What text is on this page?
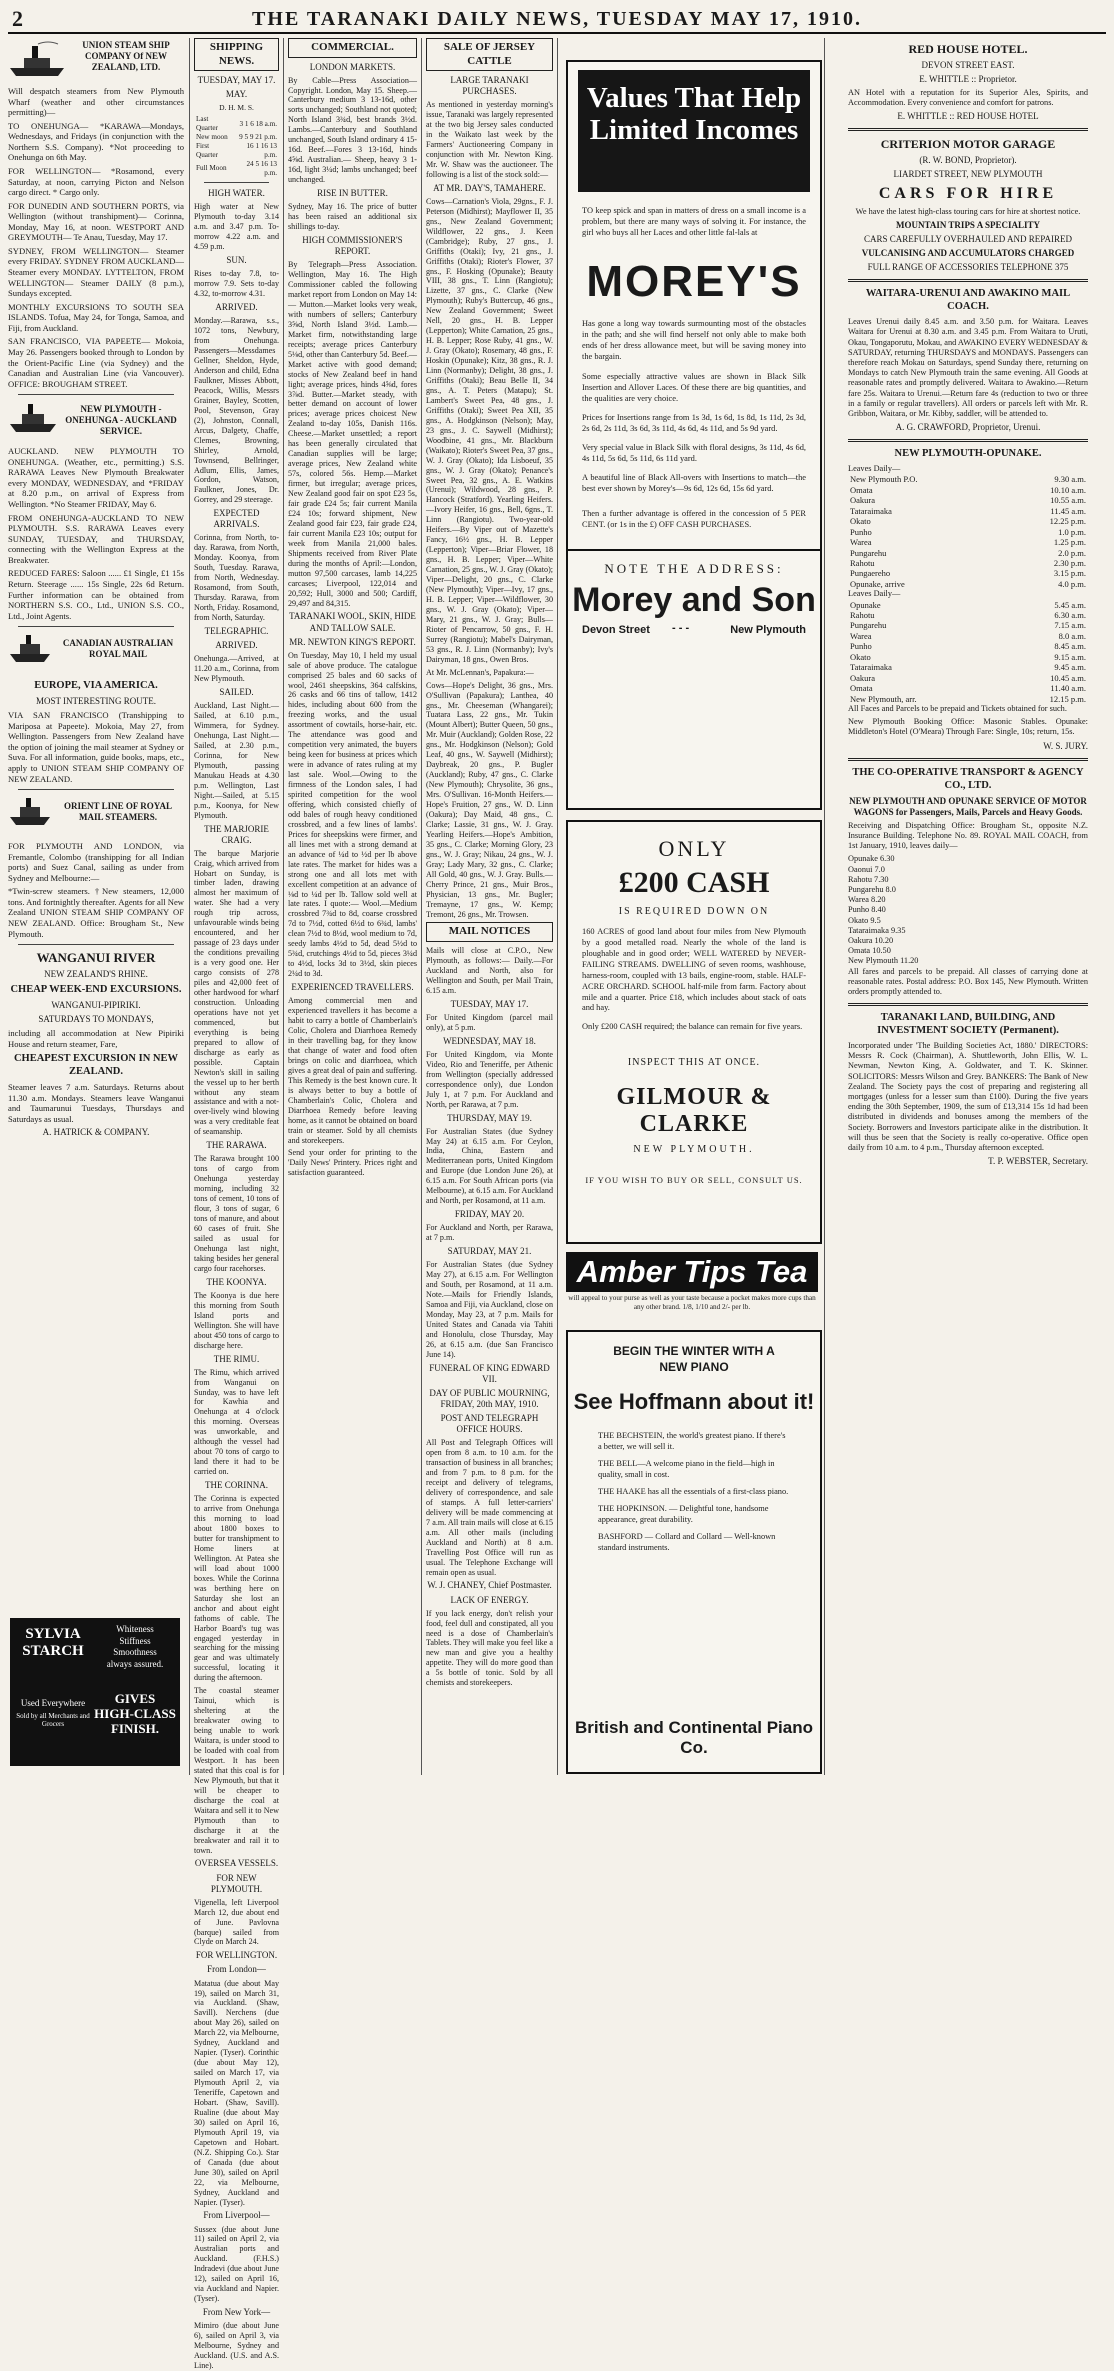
2	THE TARANAKI DAILY NEWS, TUESDAY MAY 17, 1910.
UNION STEAM SHIP COMPANY Of NEW ZEALAND, LTD.

Will despatch steamers from New Plymouth Wharf (weather and other circumstances permitting)—

TO ONEHUNGA— *KARAWA—Mondays, Wednesdays, and Fridays (in conjunction with the Northern S.S. Company). *Not proceeding to Onehunga on 6th May.

FOR WELLINGTON— *Rosamond, every Saturday, at noon, carrying Picton and Nelson cargo direct. * Cargo only.

FOR DUNEDIN AND SOUTHERN PORTS, via Wellington (without transhipment)— Corinna, Monday, May 16, at noon. WESTPORT AND GREYMOUTH— Te Anau, Tuesday, May 17.

SYDNEY, FROM WELLINGTON— Steamer every FRIDAY. SYDNEY FROM AUCKLAND— Steamer every MONDAY. LYTTELTON, FROM WELLINGTON— Steamer DAILY (8 p.m.), Sundays excepted.

MONTHLY EXCURSIONS TO SOUTH SEA ISLANDS. Tofua, May 24, for Tonga, Samoa, and Fiji, from Auckland.

SAN FRANCISCO, VIA PAPEETE— Mokoia, May 26. Passengers booked through to London by the Orient-Pacific Line (via Sydney) and the Canadian and Australian Line (via Vancouver). OFFICE: BROUGHAM STREET.

NEW PLYMOUTH - ONEHUNGA - AUCKLAND SERVICE.

AUCKLAND. NEW PLYMOUTH TO ONEHUNGA. (Weather, etc., permitting.) S.S. RARAWA Leaves New Plymouth Breakwater every MONDAY, WEDNESDAY, and *FRIDAY at 8.20 p.m., on arrival of Express from Wellington. *No Steamer FRIDAY, May 6.

FROM ONEHUNGA-AUCKLAND TO NEW PLYMOUTH. S.S. RARAWA Leaves every SUNDAY, TUESDAY, and THURSDAY, connecting with the Wellington Express at the Breakwater.

REDUCED FARES: Saloon ...... £1 Single, £1 15s Return. Steerage ...... 15s Single, 22s 6d Return. Further information can be obtained from NORTHERN S.S. CO., Ltd., UNION S.S. CO., Ltd., Joint Agents.

CANADIAN AUSTRALIAN ROYAL MAIL
EUROPE, VIA AMERICA.
MOST INTERESTING ROUTE.

VIA SAN FRANCISCO (Transhipping to Mariposa at Papeete). Mokoia, May 27, from Wellington. Passengers from New Zealand have the option of joining the mail steamer at Sydney or Suva. For all information, guide books, maps, etc., apply to UNION STEAM SHIP COMPANY OF NEW ZEALAND.

ORIENT LINE OF ROYAL MAIL STEAMERS.

FOR PLYMOUTH AND LONDON, via Fremantle, Colombo (transhipping for all Indian ports) and Suez Canal, sailing as under from Sydney and Melbourne:—

*Twin-screw steamers. †New steamers, 12,000 tons. And fortnightly thereafter. Agents for all New Zealand UNION STEAM SHIP COMPANY OF NEW ZEALAND. Office: Brougham St., New Plymouth.

WANGANUI RIVER
NEW ZEALAND'S RHINE.
CHEAP WEEK-END EXCURSIONS.
WANGANUI-PIPIRIKI.
SATURDAYS TO MONDAYS,

including all accommodation at New Pipiriki House and return steamer, Fare,

CHEAPEST EXCURSION IN NEW ZEALAND.

Steamer leaves 7 a.m. Saturdays. Returns about 11.30 a.m. Mondays. Steamers leave Wanganui and Taumarunui Tuesdays, Thursdays and Saturdays as usual.

A. HATRICK & COMPANY.
SYLVIA STARCH
Whiteness
Stiffness
Smoothness
always assured.
Used Everywhere
Sold by all Merchants and Grocers
GIVES HIGH-CLASS FINISH.
SHIPPING NEWS.
TUESDAY, MAY 17.
MAY.
D. H. M. S.
Last Quarter	3 1 6 18 a.m.
New moon	9 5 9 21 p.m.
First Quarter	16 1 16 13 p.m.
Full Moon	24 5 16 13 p.m.
HIGH WATER.

High water at New Plymouth to-day 3.14 a.m. and 3.47 p.m. To-morrow 4.22 a.m. and 4.59 p.m.

SUN.

Rises to-day 7.8, to-morrow 7.9. Sets to-day 4.32, to-morrow 4.31.

ARRIVED.

Monday.—Rarawa, s.s., 1072 tons, Newbury, from Onehunga. Passengers—Messdames Gellner, Sheldon, Hyde, Anderson and child, Edna Faulkner, Misses Abbott, Peacock, Willis, Messrs Grainer, Bayley, Scotten, Pool, Stevenson, Gray (2), Johnston, Connall, Arcus, Dalgety, Chaffe, Clemes, Browning, Shirley, Arnold, Townsend, Bellringer, Adlum, Ellis, James, Gordon, Watson, Faulkner, Jones, Dr. Gorrey, and 29 steerage.

EXPECTED ARRIVALS.

Corinna, from North, to-day. Rarawa, from North, Monday. Koonya, from South, Tuesday. Rarawa, from North, Wednesday. Rosamond, from South, Thursday. Rarawa, from North, Friday. Rosamond, from North, Saturday.

TELEGRAPHIC.
ARRIVED.

Onehunga.—Arrived, at 11.20 a.m., Corinna, from New Plymouth.

SAILED.

Auckland, Last Night.—Sailed, at 6.10 p.m., Wimmera, for Sydney. Onehunga, Last Night.—Sailed, at 2.30 p.m., Corinna, for New Plymouth, passing Manukau Heads at 4.30 p.m. Wellington, Last Night.—Sailed, at 5.15 p.m., Koonya, for New Plymouth.

THE MARJORIE CRAIG.

The barque Marjorie Craig, which arrived from Hobart on Sunday, is timber laden, drawing almost her maximum of water. She had a very rough trip across, unfavourable winds being encountered, and her passage of 23 days under the conditions prevailing is a very good one. Her cargo consists of 278 piles and 42,000 feet of other hardwood for wharf construction. Unloading operations have not yet commenced, but everything is being prepared to allow of discharge as early as possible. Captain Newton's skill in sailing the vessel up to her berth without any steam assistance and with a not-over-lively wind blowing was a very creditable feat of seamanship.

THE RARAWA.

The Rarawa brought 100 tons of cargo from Onehunga yesterday morning, including 32 tons of cement, 10 tons of flour, 3 tons of sugar, 6 tons of manure, and about 60 cases of fruit. She sailed as usual for Onehunga last night, taking besides her general cargo four racehorses.

THE KOONYA.

The Koonya is due here this morning from South Island ports and Wellington. She will have about 450 tons of cargo to discharge here.

THE RIMU.

The Rimu, which arrived from Wanganui on Sunday, was to have left for Kawhia and Onehunga at 4 o'clock this morning. Overseas was unworkable, and although the vessel had about 70 tons of cargo to land there it had to be carried on.

THE CORINNA.

The Corinna is expected to arrive from Onehunga this morning to load about 1800 boxes to butter for transhipment to Home liners at Wellington. At Patea she will load about 1000 boxes. While the Corinna was berthing here on Saturday she lost an anchor and about eight fathoms of cable. The Harbor Board's tug was engaged yesterday in searching for the missing gear and was ultimately successful, locating it during the afternoon.

The coastal steamer Tainui, which is sheltering at the breakwater owing to being unable to work Waitara, is under stood to be loaded with coal from Westport. It has been stated that this coal is for New Plymouth, but that it will be cheaper to discharge the coal at Waitara and sell it to New Plymouth than to discharge it at the breakwater and rail it to town.

OVERSEA VESSELS.
FOR NEW PLYMOUTH.

Vigenella, left Liverpool March 12, due about end of June. Pavlovna (barque) sailed from Clyde on March 24.

FOR WELLINGTON.
From London—

Matatua (due about May 19), sailed on March 31, via Auckland. (Shaw, Savill). Nerchens (due about May 26), sailed on March 22, via Melbourne, Sydney, Auckland and Napier. (Tyser). Corinthic (due about May 12), sailed on March 17, via Plymouth April 2, via Teneriffe, Capetown and Hobart. (Shaw, Savill). Rualine (due about May 30) sailed on April 16, Plymouth April 19, via Capetown and Hobart. (N.Z. Shipping Co.). Star of Canada (due about June 30), sailed on April 22, via Melbourne, Sydney, Auckland and Napier. (Tyser).

From Liverpool—

Sussex (due about June 11) sailed on April 2, via Australian ports and Auckland. (F.H.S.) Indradevi (due about June 12), sailed on April 16, via Auckland and Napier. (Tyser).

From New York—

Mimiro (due about June 6), sailed on April 3, via Melbourne, Sydney and Auckland. (U.S. and A.S. Line).

COMMERCIAL.
LONDON MARKETS.

By Cable—Press Association—Copyright. London, May 15. Sheep.—Canterbury medium 3 13-16d, other sorts unchanged; Southland not quoted; North Island 3¾d, best brands 3½d. Lambs.—Canterbury and Southland unchanged, South Island ordinary 4 15-16d. Beef.—Fores 3 13-16d, hinds 4⅝d. Australian.— Sheep, heavy 3 1-16d, light 3¼d; lambs unchanged; beef unchanged.

RISE IN BUTTER.

Sydney, May 16. The price of butter has been raised an additional six shillings to-day.

HIGH COMMISSIONER'S REPORT.

By Telegraph—Press Association. Wellington, May 16. The High Commissioner cabled the following market report from London on May 14:— Mutton.—Market looks very weak, with numbers of sellers; Canterbury 3⅝d, North Island 3½d. Lamb.—Market firm, notwithstanding large receipts; average prices Canterbury 5⅛d, other than Canterbury 5d. Beef.—Market active with good demand; stocks of New Zealand beef in hand light; average prices, hinds 4⅝d, fores 3⅞d. Butter.—Market steady, with better demand on account of lower prices; average prices choicest New Zealand to-day 105s, Danish 116s. Cheese.—Market unsettled; a report has been generally circulated that Canadian supplies will be large; average prices, New Zealand white 57s, colored 56s. Hemp.—Market firmer, but irregular; average prices, New Zealand good fair on spot £23 5s, fair grade £24 5s; fair current Manila £24 10s; forward shipment, New Zealand good fair £23, fair grade £24, fair current Manila £23 10s; output for week from Manila 21,000 bales. Shipments received from River Plate during the months of April:—London, mutton 97,500 carcases, lamb 14,225 carcases; Liverpool, 122,014 and 20,592; Hull, 3000 and 500; Cardiff, 29,497 and 84,315.

TARANAKI WOOL, SKIN, HIDE AND TALLOW SALE.
MR. NEWTON KING'S REPORT.

On Tuesday, May 10, I held my usual sale of above produce. The catalogue comprised 25 bales and 60 sacks of wool, 2461 sheepskins, 364 calfskins, 26 casks and 66 tins of tallow, 1412 hides, including about 600 from the freezing works, and the usual assortment of cowtails, horse-hair, etc. The attendance was good and competition very animated, the buyers being keen for business at prices which were in advance of rates ruling at my last sale. Wool.—Owing to the firmness of the London sales, I had spirited competition for the wool offering, which consisted chiefly of odd bales of rough heavy conditioned crossbred, and a few lines of lambs'. Prices for sheepskins were firmer, and all lines met with a strong demand at an advance of ¼d to ½d per lb above late rates. The market for hides was a strong one and all lots met with excellent competition at an advance of ⅛d to ¼d per lb. Tallow sold well at late rates. I quote:— Wool.—Medium crossbred 7¾d to 8d, coarse crossbred 7d to 7½d, cotted 6½d to 6¾d, lambs' clean 7½d to 8½d, wool medium to 7d, seedy lambs 4½d to 5d, dead 5½d to 5¾d, crutchings 4½d to 5d, pieces 3¼d to 4½d, locks 3d to 3½d, skin pieces 2¼d to 3d.

EXPERIENCED TRAVELLERS.

Among commercial men and experienced travellers it has become a habit to carry a bottle of Chamberlain's Colic, Cholera and Diarrhoea Remedy in their travelling bag, for they know that change of water and food often brings on colic and diarrhoea, which gives a great deal of pain and suffering. This Remedy is the best known cure. It is always better to buy a bottle of Chamberlain's Colic, Cholera and Diarrhoea Remedy before leaving home, as it cannot be obtained on board train or steamer. Sold by all chemists and storekeepers.

Send your order for printing to the 'Daily News' Printery. Prices right and satisfaction guaranteed.

SALE OF JERSEY CATTLE
LARGE TARANAKI PURCHASES.

As mentioned in yesterday morning's issue, Taranaki was largely represented at the two big Jersey sales conducted in the Waikato last week by the Farmers' Auctioneering Company in conjunction with Mr. Newton King. Mr. W. Shaw was the auctioneer. The following is a list of the stock sold:—

AT MR. DAY'S, TAMAHERE.

Cows—Carnation's Viola, 29gns., F. J. Peterson (Midhirst); Mayflower II, 35 gns., New Zealand Government; Wildflower, 22 gns., J. Keen (Cambridge); Ruby, 27 gns., J. Griffiths (Otaki); Ivy, 21 gns., J. Griffiths (Otaki); Rioter's Flower, 37 gns., F. Hosking (Opunake); Beauty VIII, 38 gns., T. Linn (Rangiotu); Lizette, 37 gns., C. Clarke (New Plymouth); Ruby's Buttercup, 46 gns., New Zealand Government; Sweet Nell, 20 gns., H. B. Lepper (Lepperton); White Carnation, 25 gns., H. B. Lepper; Rose Ruby, 41 gns., W. J. Gray (Okato); Rosemary, 48 gns., F. Hoskin (Opunake); Kitz, 38 gns., R. J. Linn (Normanby); Delight, 38 gns., J. Griffiths (Otaki); Beau Belle II, 34 gns., A. T. Peters (Matapu); St. Lambert's Sweet Pea, 48 gns., J. Griffiths (Otaki); Sweet Pea XII, 35 gns., A. Hodgkinson (Nelson); May, 23 gns., J. C. Saywell (Midhirst); Woodbine, 41 gns., Mr. Blackburn (Waikato); Rioter's Sweet Pea, 37 gns., W. J. Gray (Okato); Ida Lisboeuf, 35 gns., W. J. Gray (Okato); Penance's Sweet Pea, 32 gns., A. E. Watkins (Urenui); Wildwood, 28 gns., P. Hancock (Stratford). Yearling Heifers.—Ivory Heifer, 16 gns., Bell, 6gns., T. Linn (Rangiotu). Two-year-old Heifers.—By Viper out of Mazette's Fancy, 16½ gns., H. B. Lepper (Lepperton); Viper—Briar Flower, 18 gns., H. B. Lepper; Viper—White Carnation, 25 gns., W. J. Gray (Okato); Viper—Delight, 20 gns., C. Clarke (New Plymouth); Viper—Ivy, 17 gns., H. B. Lepper; Viper—Wildflower, 30 gns., W. J. Gray (Okato); Viper—Mary, 21 gns., W. J. Gray; Bulls—Rioter of Pencarrow, 50 gns., F. H. Surrey (Rangiotu); Mabel's Dairyman, 53 gns., R. J. Linn (Normanby); Ivy's Dairyman, 18 gns., Owen Bros.

At Mr. McLennan's, Papakura:—

Cows—Hope's Delight, 36 gns., Mrs. O'Sullivan (Papakura); Lanthea, 40 gns., Mr. Cheeseman (Whangarei); Tuatara Lass, 22 gns., Mr. Tukin (Mount Albert); Butter Queen, 50 gns., Mr. Muir (Auckland); Golden Rose, 22 gns., Mr. Hodgkinson (Nelson); Gold Leaf, 40 gns., W. Saywell (Midhirst); Daybreak, 20 gns., P. Bugler (Auckland); Ruby, 47 gns., C. Clarke (New Plymouth); Chrysolite, 36 gns., Mrs. O'Sullivan. 16-Month Heifers.—Hope's Fruition, 27 gns., W. D. Linn (Oakura); Day Maid, 48 gns., C. Clarke; Lassie, 31 gns., W. J. Gray. Yearling Heifers.—Hope's Ambition, 35 gns., C. Clarke; Morning Glory, 23 gns., W. J. Gray; Nikau, 24 gns., W. J. Gray; Lady Mary, 32 gns., C. Clarke; All Gold, 40 gns., W. J. Gray. Bulls.—Cherry Prince, 21 gns., Muir Bros., Physician, 13 gns., Mr. Bugler; Tremayne, 17 gns., W. Kemp; Tremont, 26 gns., Mr. Trowsen.

MAIL NOTICES

Mails will close at C.P.O., New Plymouth, as follows:— Daily.—For Auckland and North, also for Wellington and South, per Mail Train, 6.15 a.m.

TUESDAY, MAY 17.

For United Kingdom (parcel mail only), at 5 p.m.

WEDNESDAY, MAY 18.

For United Kingdom, via Monte Video, Rio and Teneriffe, per Athenic from Wellington (specially addressed correspondence only), due London July 1, at 7 p.m. For Auckland and North, per Rarawa, at 7 p.m.

THURSDAY, MAY 19.

For Australian States (due Sydney May 24) at 6.15 a.m. For Ceylon, India, China, Eastern and Mediterranean ports, United Kingdom and Europe (due London June 26), at 6.15 a.m. For South African ports (via Melbourne), at 6.15 a.m. For Auckland and North, per Rosamond, at 11 a.m.

FRIDAY, MAY 20.

For Auckland and North, per Rarawa, at 7 p.m.

SATURDAY, MAY 21.

For Australian States (due Sydney May 27), at 6.15 a.m. For Wellington and South, per Rosamond, at 11 a.m. Note.—Mails for Friendly Islands, Samoa and Fiji, via Auckland, close on Monday, May 23, at 7 p.m. Mails for United States and Canada via Tahiti and Honolulu, close Thursday, May 26, at 6.15 a.m. (due San Francisco June 14).

FUNERAL OF KING EDWARD VII.
DAY OF PUBLIC MOURNING, FRIDAY, 20th MAY, 1910.
POST AND TELEGRAPH OFFICE HOURS.

All Post and Telegraph Offices will open from 8 a.m. to 10 a.m. for the transaction of business in all branches; and from 7 p.m. to 8 p.m. for the receipt and delivery of telegrams, delivery of correspondence, and sale of stamps. A full letter-carriers' delivery will be made commencing at 7 a.m. All train mails will close at 6.15 a.m. All other mails (including Auckland and North) at 8 a.m. Travelling Post Office will run as usual. The Telephone Exchange will remain open as usual.

W. J. CHANEY, Chief Postmaster.
LACK OF ENERGY.

If you lack energy, don't relish your food, feel dull and constipated, all you need is a dose of Chamberlain's Tablets. They will make you feel like a new man and give you a healthy appetite. They will do more good than a 5s bottle of tonic. Sold by all chemists and storekeepers.

Values That Help Limited Incomes

TO keep spick and span in matters of dress on a small income is a problem, but there are many ways of solving it. For instance, the girl who buys all her Laces and other little fal-lals at

MOREY'S

Has gone a long way towards surmounting most of the obstacles in the path; and she will find herself not only able to make both ends of her dress allowance meet, but will be saving money into the bargain.

Some especially attractive values are shown in Black Silk Insertion and Allover Laces. Of these there are big quantities, and the qualities are very choice.

Prices for Insertions range from 1s 3d, 1s 6d, 1s 8d, 1s 11d, 2s 3d, 2s 6d, 2s 11d, 3s 6d, 3s 11d, 4s 6d, 4s 11d, and 5s 9d yard.

Very special value in Black Silk with floral designs, 3s 11d, 4s 6d, 4s 11d, 5s 6d, 5s 11d, 6s 11d yard.

A beautiful line of Black All-overs with Insertions to match—the best ever shown by Morey's—9s 6d, 12s 6d, 15s 6d yard.

Then a further advantage is offered in the concession of 5 PER CENT. (or 1s in the £) OFF CASH PURCHASES.

NOTE THE ADDRESS:
Morey and Son
Devon Street - - -	New Plymouth
ONLY
£200 CASH
IS REQUIRED DOWN ON

160 ACRES of good land about four miles from New Plymouth by a good metalled road. Nearly the whole of the land is ploughable and in good order; WELL WATERED by NEVER-FAILING STREAMS. DWELLING of seven rooms, washhouse, harness-room, coupled with 13 bails, engine-room, stable. HALF-ACRE ORCHARD. SCHOOL half-mile from farm. Factory about mile and a quarter. Price £18, which includes about stack of oats and hay.

Only £200 CASH required; the balance can remain for five years.

INSPECT THIS AT ONCE.
GILMOUR & CLARKE
NEW PLYMOUTH.
IF YOU WISH TO BUY OR SELL, CONSULT US.
Amber Tips Tea
will appeal to your purse as well as your taste because a pocket makes more cups than any other brand. 1/8, 1/10 and 2/- per lb.
BEGIN THE WINTER WITH A NEW PIANO
See Hoffmann about it!

THE BECHSTEIN, the world's greatest piano. If there's a better, we will sell it.

THE BELL—A welcome piano in the field—high in quality, small in cost.

THE HAAKE has all the essentials of a first-class piano.

THE HOPKINSON. — Delightful tone, handsome appearance, great durability.

BASHFORD — Collard and Collard — Well-known standard instruments.

British and Continental Piano Co.
RED HOUSE HOTEL.
DEVON STREET EAST.
E. WHITTLE :: Proprietor.

AN Hotel with a reputation for its Superior Ales, Spirits, and Accommodation. Every convenience and comfort for patrons.

E. WHITTLE :: RED HOUSE HOTEL
CRITERION MOTOR GARAGE
(R. W. BOND, Proprietor).
LIARDET STREET, NEW PLYMOUTH
CARS FOR HIRE

We have the latest high-class touring cars for hire at shortest notice.

MOUNTAIN TRIPS A SPECIALITY
CARS CAREFULLY OVERHAULED AND REPAIRED
VULCANISING AND ACCUMULATORS CHARGED
FULL RANGE OF ACCESSORIES TELEPHONE 375
WAITARA-URENUI AND AWAKINO MAIL COACH.

Leaves Urenui daily 8.45 a.m. and 3.50 p.m. for Waitara. Leaves Waitara for Urenui at 8.30 a.m. and 3.45 p.m. From Waitara to Uruti, Okau, Tongaporutu, Mokau, and AWAKINO EVERY WEDNESDAY & SATURDAY, returning THURSDAYS and MONDAYS. Passengers can therefore reach Mokau on Saturdays, spend Sunday there, returning on Mondays to catch New Plymouth train the same evening. All Goods at reasonable rates and promptly delivered. Waitara to Awakino.—Return fare 25s. Waitara to Urenui.—Return fare 4s (reduction to two or three in a family or regular travellers). All orders or parcels left with Mr. R. Gribbon, Waitara, or Mr. Kibby, saddler, will be attended to.

A. G. CRAWFORD, Proprietor, Urenui.
NEW PLYMOUTH-OPUNAKE.
Leaves Daily—
New Plymouth P.O.	9.30 a.m.
Omata	10.10 a.m.
Oakura	10.55 a.m.
Tataraimaka	11.45 a.m.
Okato	12.25 p.m.
Punho	1.0 p.m.
Warea	1.25 p.m.
Pungarehu	2.0 p.m.
Rahotu	2.30 p.m.
Pungaereho	3.15 p.m.
Opunake, arrive	4.0 p.m.
Leaves Daily—
Opunake	5.45 a.m.
Rahotu	6.30 a.m.
Pungarehu	7.15 a.m.
Warea	8.0 a.m.
Punho	8.45 a.m.
Okato	9.15 a.m.
Tataraimaka	9.45 a.m.
Oakura	10.45 a.m.
Omata	11.40 a.m.
New Plymouth, arr.	12.15 p.m.

All Faces and Parcels to be prepaid and Tickets obtained for such.

New Plymouth Booking Office: Masonic Stables. Opunake: Middleton's Hotel (O'Meara) Through Fare: Single, 10s; return, 15s.

W. S. JURY.
THE CO-OPERATIVE TRANSPORT & AGENCY CO., LTD.
NEW PLYMOUTH AND OPUNAKE SERVICE OF MOTOR WAGONS for Passengers, Mails, Parcels and Heavy Goods.

Receiving and Dispatching Office: Brougham St., opposite N.Z. Insurance Building. Telephone No. 89. ROYAL MAIL COACH, from 1st January, 1910, leaves daily—

Opunake 6.30
Oaonui 7.0
Rahotu 7.30
Pungarehu 8.0
Warea 8.20
Punho 8.40
Okato 9.5
Tataraimaka 9.35
Oakura 10.20
Omata 10.50
New Plymouth 11.20

All fares and parcels to be prepaid. All classes of carrying done at reasonable rates. Postal address: P.O. Box 145, New Plymouth. Written orders promptly attended to.

TARANAKI LAND, BUILDING, AND INVESTMENT SOCIETY (Permanent).

Incorporated under 'The Building Societies Act, 1880.' DIRECTORS: Messrs R. Cock (Chairman), A. Shuttleworth, John Ellis, W. L. Newman, Newton King, A. Goldwater, and T. K. Skinner. SOLICITORS: Messrs Wilson and Grey. BANKERS: The Bank of New Zealand. The Society pays the cost of preparing and registering all mortgages (unless for a lesser sum than £100). During the five years ending the 30th September, 1909, the sum of £13,314 15s 1d had been distributed in dividends and bonuses among the members of the Society. Borrowers and Investors participate alike in the distribution. It will thus be seen that the Society is really co-operative. Office open daily from 10 a.m. to 4 p.m., Thursday afternoon excepted.

T. P. WEBSTER, Secretary.
